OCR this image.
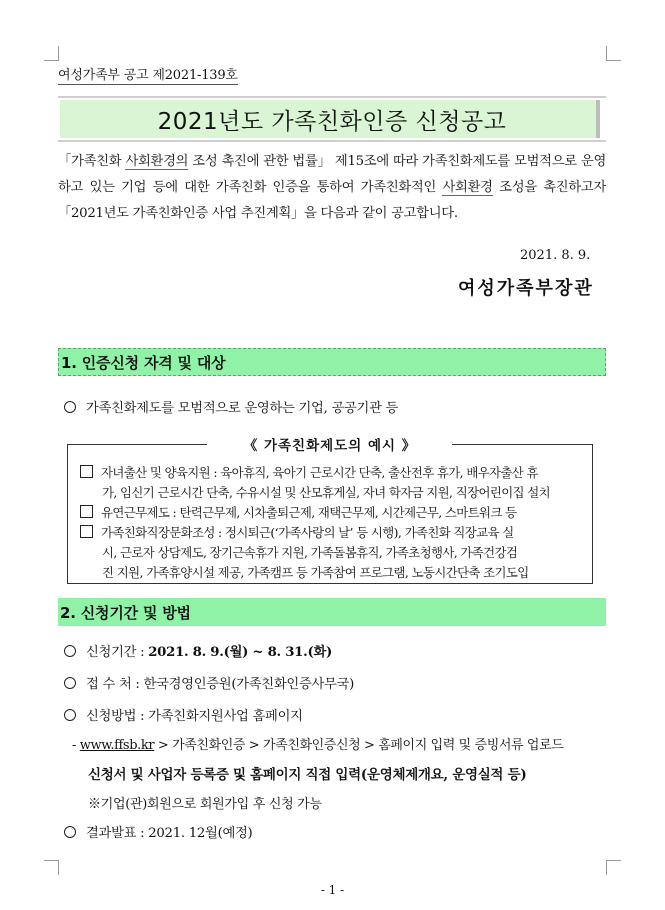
여성가족부 공고 제2021-139호
2021년도 가족친화인증 신청공고
「가족친화 사회환경의 조성 촉진에 관한 법률」 제15조에 따라 가족친화제도를 모범적으로 운영하고 있는 기업 등에 대한 가족친화 인증을 통하여 가족친화적인 사회환경 조성을 촉진하고자「2021년도 가족친화인증 사업 추진계획」을 다음과 같이 공고합니다.
2021. 8. 9.
여성가족부장관
1. 인증신청 자격 및 대상
가족친화제도를 모범적으로 운영하는 기업, 공공기관 등
《 가족친화제도의 예시 》
자녀출산 및 양육지원 : 육아휴직, 육아기 근로시간 단축, 출산전후 휴가, 배우자출산 휴
가, 임신기 근로시간 단축, 수유시설 및 산모휴게실, 자녀 학자금 지원, 직장어린이집 설치
유연근무제도 : 탄력근무제, 시차출퇴근제, 재택근무제, 시간제근무, 스마트워크 등
가족친화직장문화조성 : 정시퇴근(‘가족사랑의 날’ 등 시행), 가족친화 직장교육 실
시, 근로자 상담제도, 장기근속휴가 지원, 가족돌봄휴직, 가족초청행사, 가족건강검
진 지원, 가족휴양시설 제공, 가족캠프 등 가족참여 프로그램, 노동시간단축 조기도입
2. 신청기간 및 방법
신청기간 : 2021. 8. 9.(월) ~ 8. 31.(화)
접 수 처 : 한국경영인증원(가족친화인증사무국)
신청방법 : 가족친화지원사업 홈페이지
- www.ffsb.kr > 가족친화인증 > 가족친화인증신청 > 홈페이지 입력 및 증빙서류 업로드
신청서 및 사업자 등록증 및 홈페이지 직접 입력(운영체제개요, 운영실적 등)
※기업(관)회원으로 회원가입 후 신청 가능
결과발표 : 2021. 12월(예정)
- 1 -
